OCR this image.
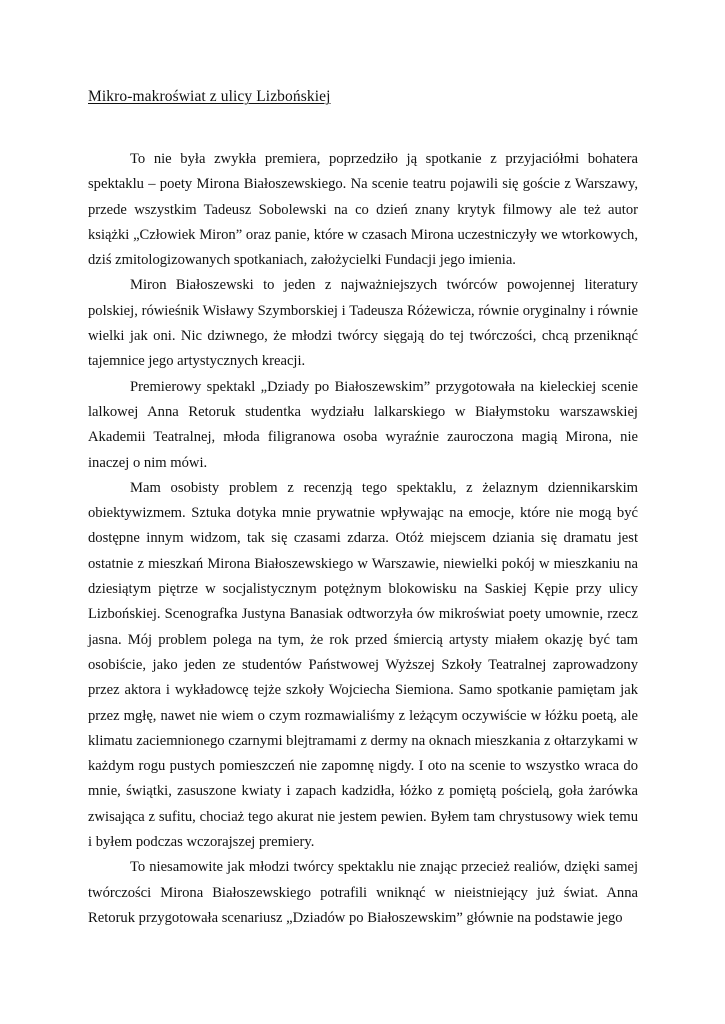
Mikro-makroświat z ulicy Lizbońskiej

To nie była zwykła premiera, poprzedziło ją spotkanie z przyjaciółmi bohatera spektaklu – poety Mirona Białoszewskiego. Na scenie teatru pojawili się goście z Warszawy, przede wszystkim Tadeusz Sobolewski na co dzień znany krytyk filmowy ale też autor książki „Człowiek Miron” oraz panie, które w czasach Mirona uczestniczyły we wtorkowych, dziś zmitologizowanych spotkaniach, założycielki Fundacji jego imienia.

Miron Białoszewski to jeden z najważniejszych twórców powojennej literatury polskiej, rówieśnik Wisławy Szymborskiej i Tadeusza Różewicza, równie oryginalny i równie wielki jak oni. Nic dziwnego, że młodzi twórcy sięgają do tej twórczości, chcą przeniknąć tajemnice jego artystycznych kreacji.

Premierowy spektakl „Dziady po Białoszewskim” przygotowała na kieleckiej scenie lalkowej Anna Retoruk studentka wydziału lalkarskiego w Białymstoku warszawskiej Akademii Teatralnej, młoda filigranowa osoba wyraźnie zauroczona magią Mirona, nie inaczej o nim mówi.

Mam osobisty problem z recenzją tego spektaklu, z żelaznym dziennikarskim obiektywizmem. Sztuka dotyka mnie prywatnie wpływając na emocje, które nie mogą być dostępne innym widzom, tak się czasami zdarza. Otóż miejscem dziania się dramatu jest ostatnie z mieszkań Mirona Białoszewskiego w Warszawie, niewielki pokój w mieszkaniu na dziesiątym piętrze w socjalistycznym potężnym blokowisku na Saskiej Kępie przy ulicy Lizbońskiej. Scenografka Justyna Banasiak odtworzyła ów mikroświat poety umownie, rzecz jasna. Mój problem polega na tym, że rok przed śmiercią artysty miałem okazję być tam osobiście, jako jeden ze studentów Państwowej Wyższej Szkoły Teatralnej zaprowadzony przez aktora i wykładowcę tejże szkoły Wojciecha Siemiona. Samo spotkanie pamiętam jak przez mgłę, nawet nie wiem o czym rozmawialiśmy z leżącym oczywiście w łóżku poetą, ale klimatu zaciemnionego czarnymi blejtramami z dermy na oknach mieszkania z ołtarzykami w każdym rogu pustych pomieszczeń nie zapomnę nigdy. I oto na scenie to wszystko wraca do mnie, świątki, zasuszone kwiaty i zapach kadzidła, łóżko z pomiętą pościelą, goła żarówka zwisająca z sufitu, chociaż tego akurat nie jestem pewien. Byłem tam chrystusowy wiek temu i byłem podczas wczorajszej premiery.

To niesamowite jak młodzi twórcy spektaklu nie znając przecież realiów, dzięki samej twórczości Mirona Białoszewskiego potrafili wniknąć w nieistniejący już świat. Anna Retoruk przygotowała scenariusz „Dziadów po Białoszewskim” głównie na podstawie jego
